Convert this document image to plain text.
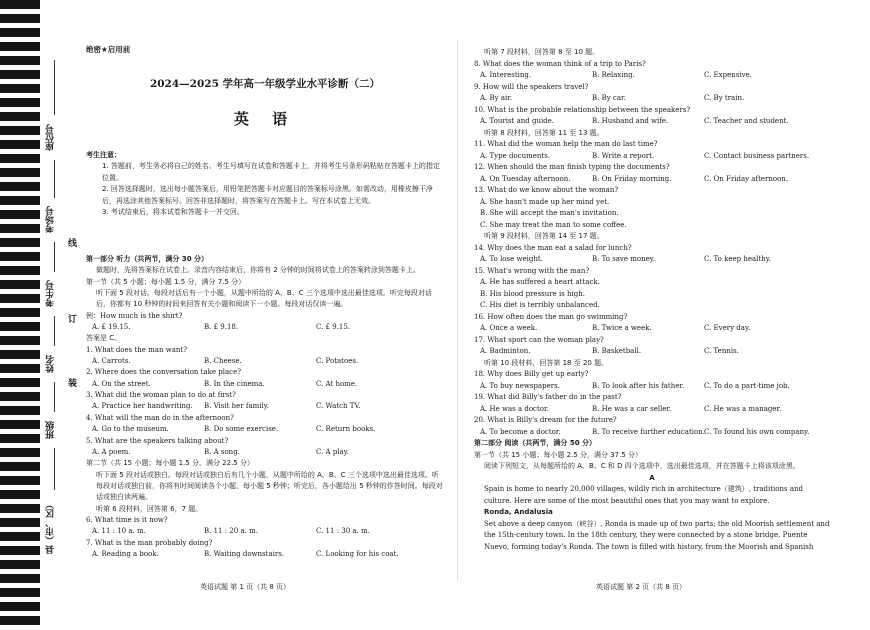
座位号
考场号
考生号
姓名
班级
县（市、区）
线
订
装
绝密★启用前
2024—2025 学年高一年级学业水平诊断（二）
英 语

考生注意：

1. 答题前，考生务必将自己的姓名、考生号填写在试卷和答题卡上，并将考生号条形码粘贴在答题卡上的指定位置。

2. 回答选择题时，选出每小题答案后，用铅笔把答题卡对应题目的答案标号涂黑。如需改动，用橡皮擦干净后，再选涂其他答案标号。回答非选择题时，将答案写在答题卡上。写在本试卷上无效。

3. 考试结束后，将本试卷和答题卡一并交回。

第一部分 听力（共两节，满分 30 分）

做题时，先将答案标在试卷上。录音内容结束后，你将有 2 分钟的时间将试卷上的答案转涂到答题卡上。

第一节（共 5 小题；每小题 1.5 分，满分 7.5 分）

听下面 5 段对话。每段对话后有一个小题，从题中所给的 A、B、C 三个选项中选出最佳选项。听完每段对话后，你都有 10 秒钟的时间来回答有关小题和阅读下一小题。每段对话仅读一遍。

例：How much is the shirt?

A. £ 19.15.	B. £ 9.18.	C. £ 9.15.

答案是 C。

1. What does the man want?

A. Carrots.	B. Cheese.	C. Potatoes.

2. Where does the conversation take place?

A. On the street.	B. In the cinema.	C. At home.

3. What did the woman plan to do at first?

A. Practice her handwriting.	B. Visit her family.	C. Watch TV.

4. What will the man do in the afternoon?

A. Go to the museum.	B. Do some exercise.	C. Return books.

5. What are the speakers talking about?

A. A poem.	B. A song.	C. A play.

第二节（共 15 小题；每小题 1.5 分，满分 22.5 分）

听下面 5 段对话或独白。每段对话或独白后有几个小题，从题中所给的 A、B、C 三个选项中选出最佳选项。听每段对话或独白前，你将有时间阅读各个小题，每小题 5 秒钟；听完后，各小题给出 5 秒钟的作答时间。每段对话或独白读两遍。

听第 6 段材料，回答第 6，7 题。

6. What time is it now?

A. 11 : 10 a. m.	B. 11 : 20 a. m.	C. 11 : 30 a. m.

7. What is the man probably doing?

A. Reading a book.	B. Waiting downstairs.	C. Looking for his coat.

听第 7 段材料，回答第 8 至 10 题。

8. What does the woman think of a trip to Paris?

A. Interesting.	B. Relaxing.	C. Expensive.

9. How will the speakers travel?

A. By air.	B. By car.	C. By train.

10. What is the probable relationship between the speakers?

A. Tourist and guide.	B. Husband and wife.	C. Teacher and student.

听第 8 段材料，回答第 11 至 13 题。

11. What did the woman help the man do last time?

A. Type documents.	B. Write a report.	C. Contact business partners.

12. When should the man finish typing the documents?

A. On Tuesday afternoon.	B. On Friday morning.	C. On Friday afternoon.

13. What do we know about the woman?

A. She hasn't made up her mind yet.

B. She will accept the man's invitation.

C. She may treat the man to some coffee.

听第 9 段材料，回答第 14 至 17 题。

14. Why does the man eat a salad for lunch?

A. To lose weight.	B. To save money.	C. To keep healthy.

15. What's wrong with the man?

A. He has suffered a heart attack.

B. His blood pressure is high.

C. His diet is terribly unbalanced.

16. How often does the man go swimming?

A. Once a week.	B. Twice a week.	C. Every day.

17. What sport can the woman play?

A. Badminton.	B. Basketball.	C. Tennis.

听第 10 段材料，回答第 18 至 20 题。

18. Why does Billy get up early?

A. To buy newspapers.	B. To look after his father.	C. To do a part-time job.

19. What did Billy's father do in the past?

A. He was a doctor.	B. He was a car seller.	C. He was a manager.

20. What is Billy's dream for the future?

A. To become a doctor.	B. To receive further education. C. To found his own company.

第二部分 阅读（共两节，满分 50 分）

第一节（共 15 小题；每小题 2.5 分，满分 37.5 分）

阅读下列短文，从每题所给的 A、B、C 和 D 四个选项中，选出最佳选项，并在答题卡上将该项涂黑。

A

Spain is home to nearly 20,000 villages, wildly rich in architecture（建筑）, traditions and culture. Here are some of the most beautiful ones that you may want to explore.

Ronda, Andalusia

Set above a deep canyon（峡谷）, Ronda is made up of two parts; the old Moorish settlement and the 15th-century town. In the 18th century, they were connected by a stone bridge, Puente Nuevo, forming today's Ronda. The town is filled with history, from the Moorish and Spanish

英语试题 第 1 页（共 8 页）	英语试题 第 2 页（共 8 页）
